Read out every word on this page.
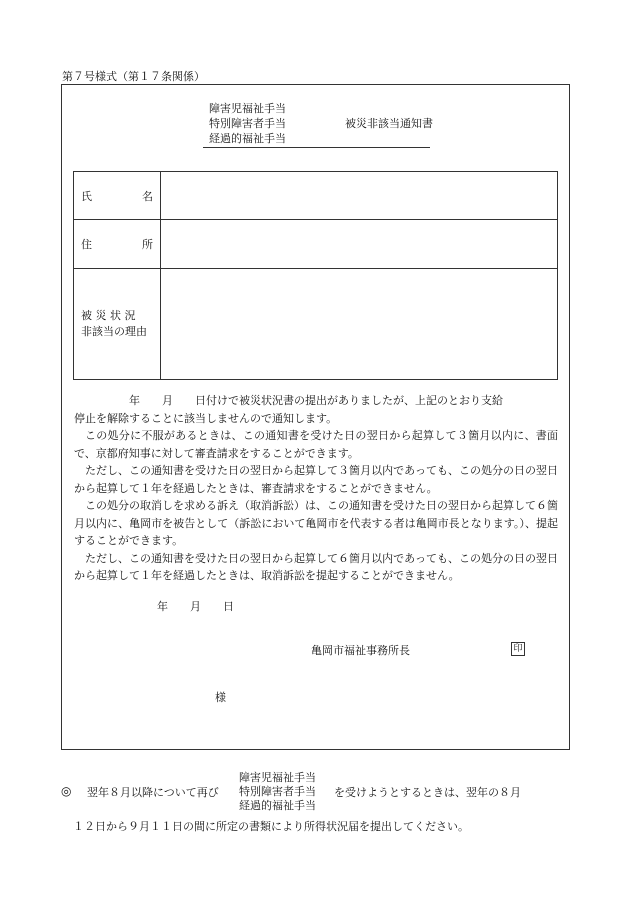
第７号様式（第１７条関係）
障害児福祉手当
特別障害者手当
経過的福祉手当
被災非該当通知書
氏 名	

住 所	

被 災 状 況
非該当の理由	

　　　　　年　　月　　日付けで被災状況書の提出がありましたが、上記のとおり支給

停止を解除することに該当しませんので通知します。

この処分に不服があるときは、この通知書を受けた日の翌日から起算して３箇月以内に、書面で、京都府知事に対して審査請求をすることができます。

ただし、この通知書を受けた日の翌日から起算して３箇月以内であっても、この処分の日の翌日から起算して１年を経過したときは、審査請求をすることができません。

この処分の取消しを求める訴え（取消訴訟）は、この通知書を受けた日の翌日から起算して６箇月以内に、亀岡市を被告として（訴訟において亀岡市を代表する者は亀岡市長となります。）、提起することができます。

ただし、この通知書を受けた日の翌日から起算して６箇月以内であっても、この処分の日の翌日から起算して１年を経過したときは、取消訴訟を提起することができません。

年　　月　　日
亀岡市福祉事務所長	印
様
◎ 翌年８月以降について再び
障害児福祉手当
特別障害者手当
経過的福祉手当
を受けようとするときは、翌年の８月
１２日から９月１１日の間に所定の書類により所得状況届を提出してください。
